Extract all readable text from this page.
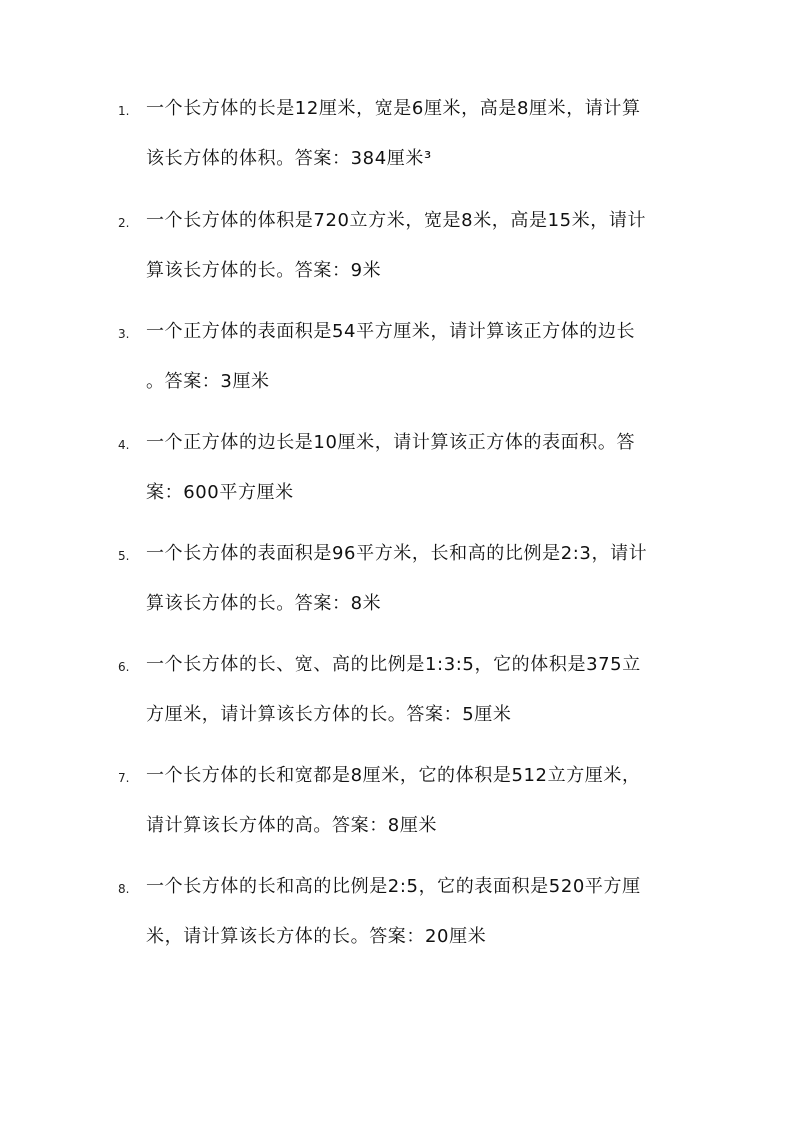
1. 一个长方体的长是12厘米，宽是6厘米，高是8厘米，请计算
该长方体的体积。答案：384厘米³
2. 一个长方体的体积是720立方米，宽是8米，高是15米，请计
算该长方体的长。答案：9米
3. 一个正方体的表面积是54平方厘米，请计算该正方体的边长
。答案：3厘米
4. 一个正方体的边长是10厘米，请计算该正方体的表面积。答
案：600平方厘米
5. 一个长方体的表面积是96平方米，长和高的比例是2:3，请计
算该长方体的长。答案：8米
6. 一个长方体的长、宽、高的比例是1:3:5，它的体积是375立
方厘米，请计算该长方体的长。答案：5厘米
7. 一个长方体的长和宽都是8厘米，它的体积是512立方厘米，
请计算该长方体的高。答案：8厘米
8. 一个长方体的长和高的比例是2:5，它的表面积是520平方厘
米，请计算该长方体的长。答案：20厘米
